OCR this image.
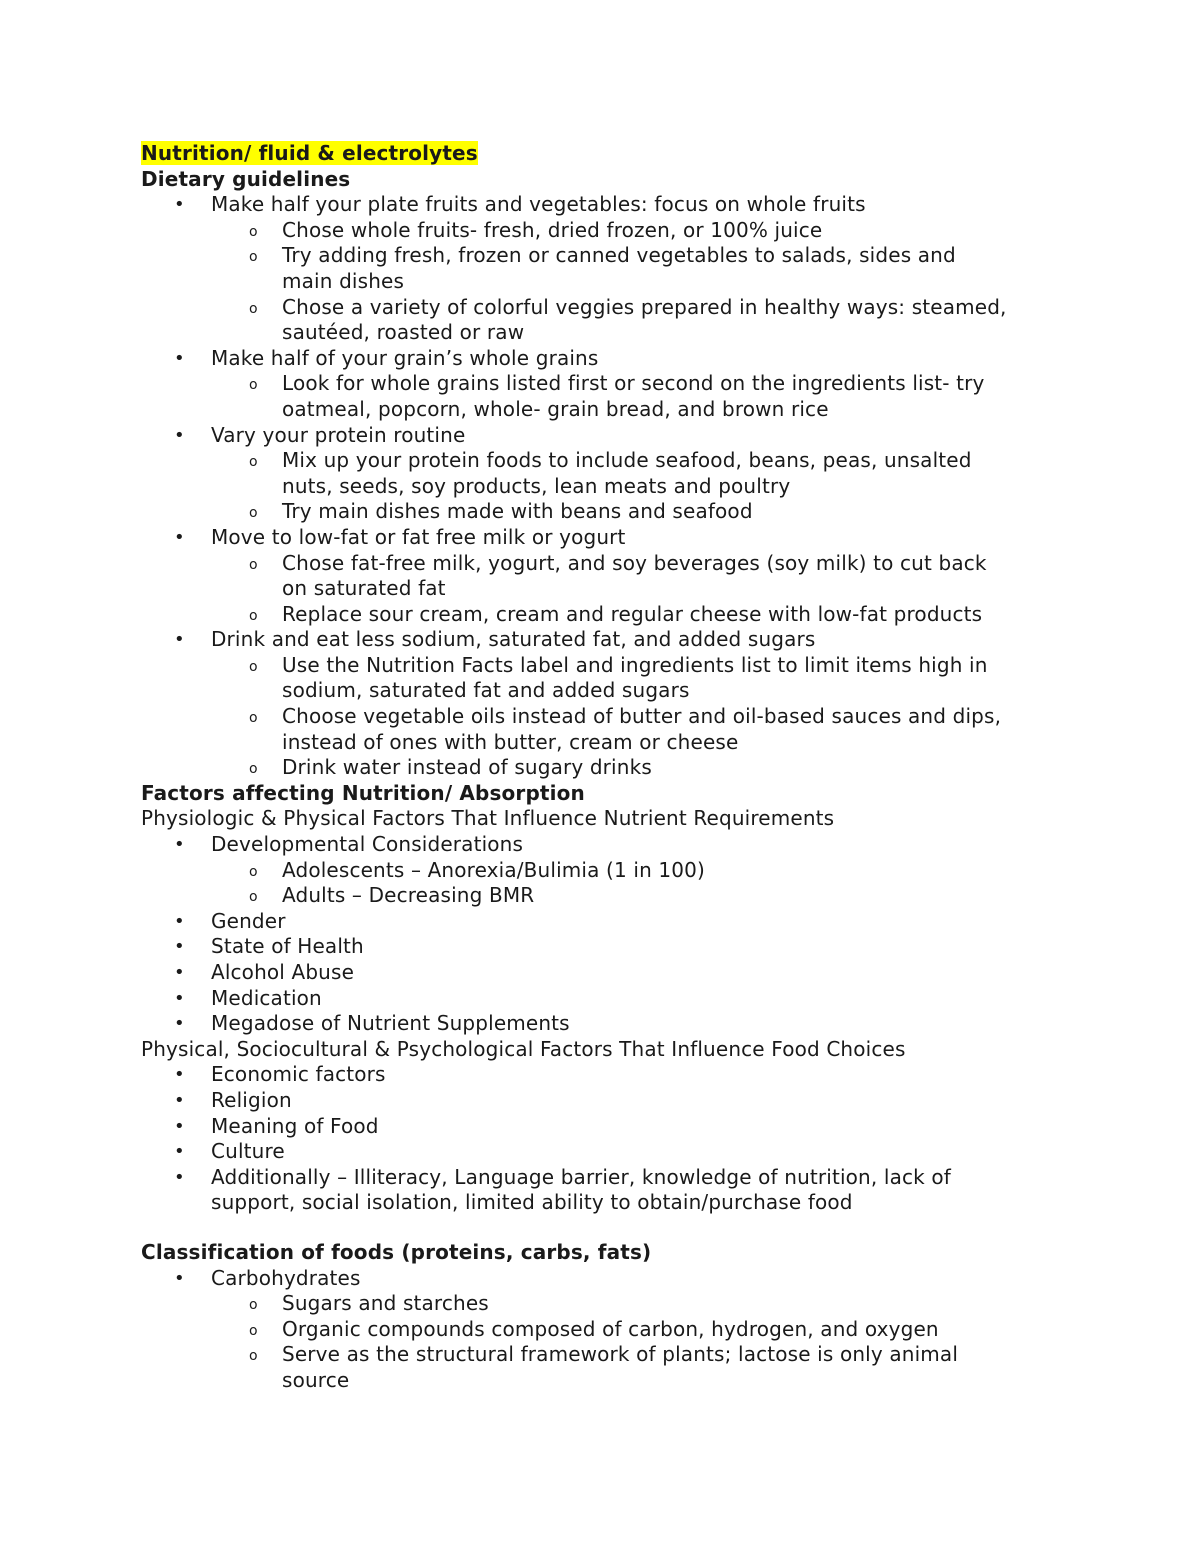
Nutrition/ fluid & electrolytes
Dietary guidelines
• Make half your plate fruits and vegetables: focus on whole fruits
o Chose whole fruits- fresh, dried frozen, or 100% juice
o Try adding fresh, frozen or canned vegetables to salads, sides and
main dishes
o Chose a variety of colorful veggies prepared in healthy ways: steamed,
sautéed, roasted or raw
• Make half of your grain’s whole grains
o Look for whole grains listed first or second on the ingredients list- try
oatmeal, popcorn, whole- grain bread, and brown rice
• Vary your protein routine
o Mix up your protein foods to include seafood, beans, peas, unsalted
nuts, seeds, soy products, lean meats and poultry
o Try main dishes made with beans and seafood
• Move to low-fat or fat free milk or yogurt
o Chose fat-free milk, yogurt, and soy beverages (soy milk) to cut back
on saturated fat
o Replace sour cream, cream and regular cheese with low-fat products
• Drink and eat less sodium, saturated fat, and added sugars
o Use the Nutrition Facts label and ingredients list to limit items high in
sodium, saturated fat and added sugars
o Choose vegetable oils instead of butter and oil-based sauces and dips,
instead of ones with butter, cream or cheese
o Drink water instead of sugary drinks
Factors affecting Nutrition/ Absorption
Physiologic & Physical Factors That Influence Nutrient Requirements
• Developmental Considerations
o Adolescents – Anorexia/Bulimia (1 in 100)
o Adults – Decreasing BMR
• Gender
• State of Health
• Alcohol Abuse
• Medication
• Megadose of Nutrient Supplements
Physical, Sociocultural & Psychological Factors That Influence Food Choices
• Economic factors
• Religion
• Meaning of Food
• Culture
• Additionally – Illiteracy, Language barrier, knowledge of nutrition, lack of
support, social isolation, limited ability to obtain/purchase food
Classification of foods (proteins, carbs, fats)
• Carbohydrates
o Sugars and starches
o Organic compounds composed of carbon, hydrogen, and oxygen
o Serve as the structural framework of plants; lactose is only animal
source
